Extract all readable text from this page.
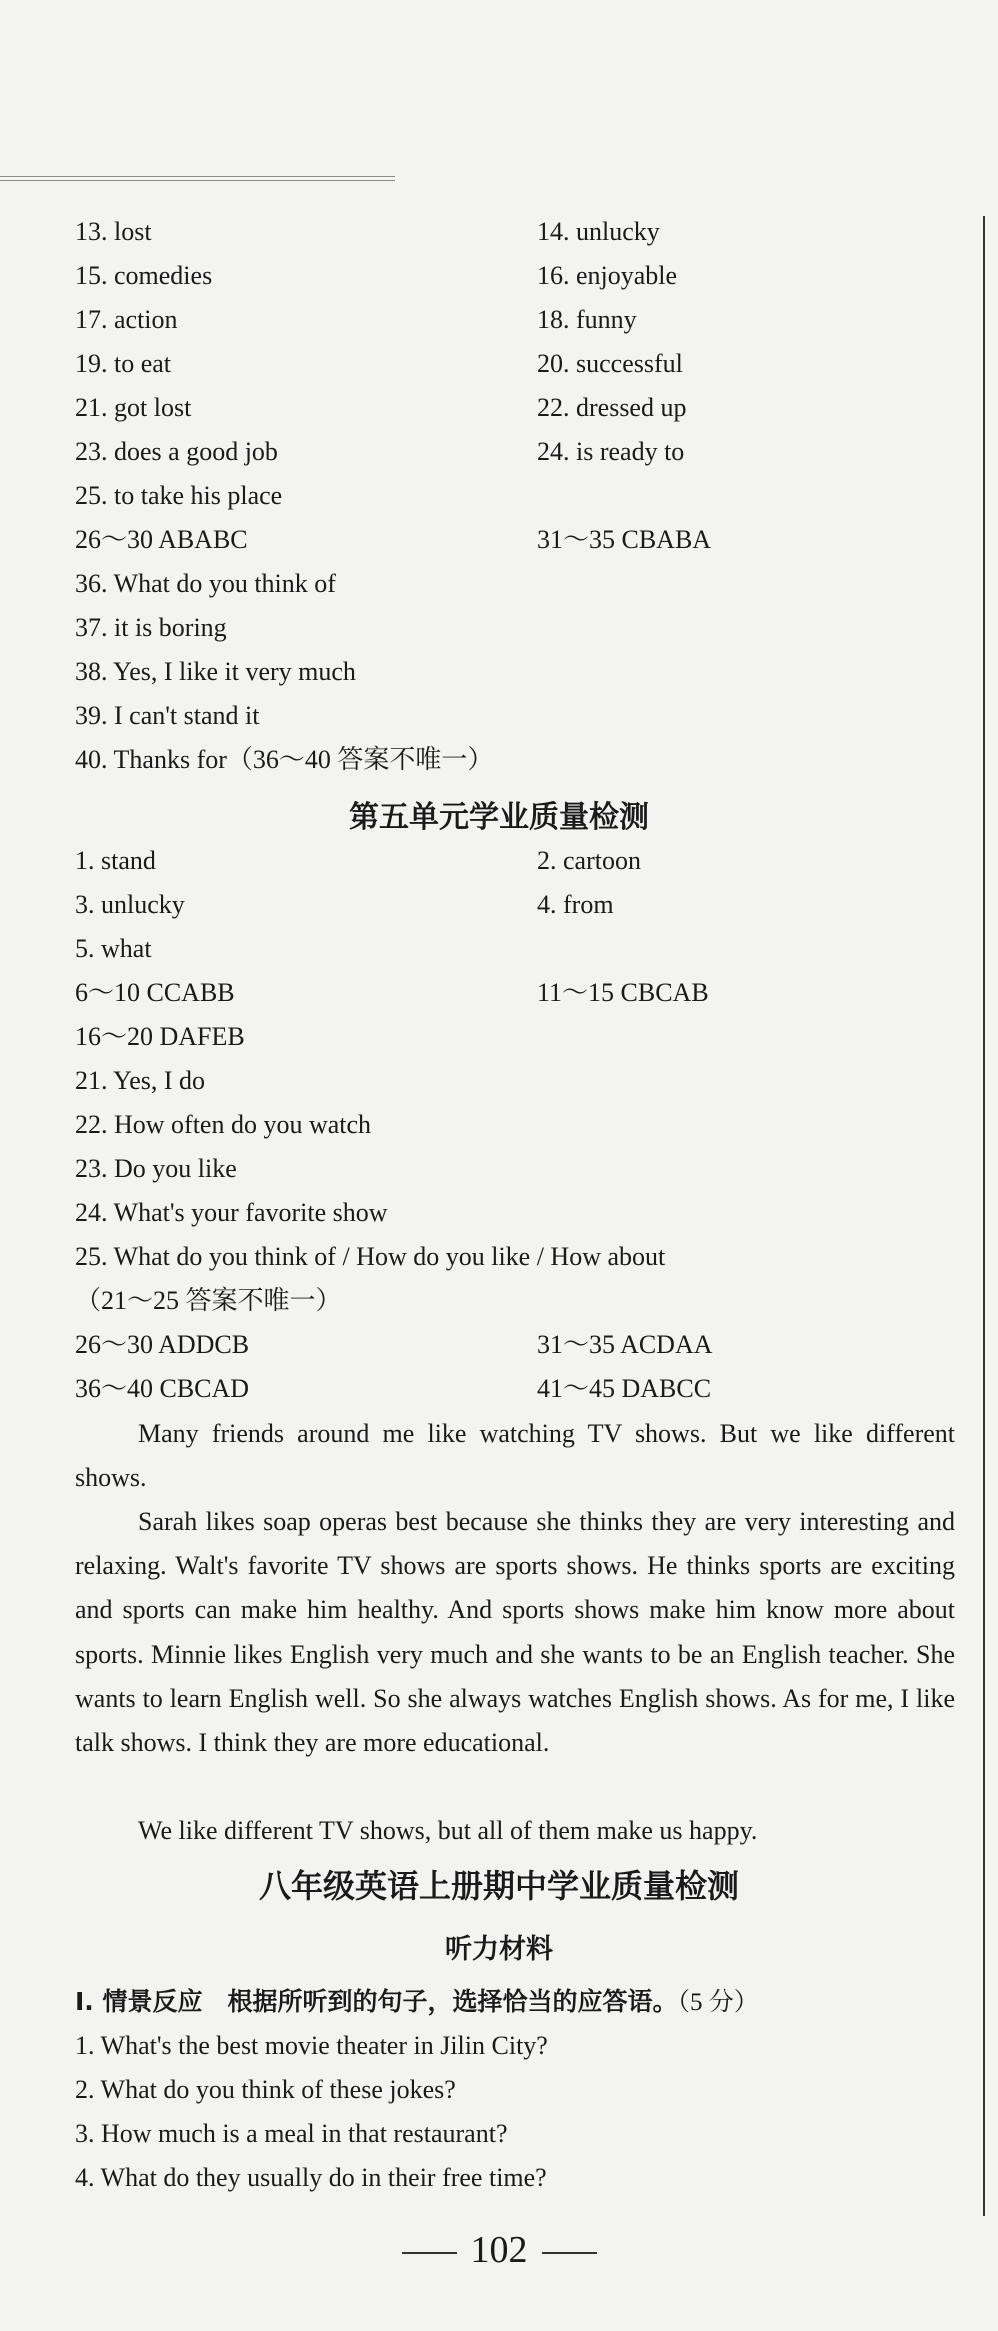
13. lost
15. comedies
17. action
19. to eat
21. got lost
23. does a good job
25. to take his place
26～30 ABABC
36. What do you think of
37. it is boring
38. Yes, I like it very much
39. I can't stand it
40. Thanks for（36～40 答案不唯一）
14. unlucky
16. enjoyable
18. funny
20. successful
22. dressed up
24. is ready to
31～35 CBABA
第五单元学业质量检测
1. stand
3. unlucky
5. what
6～10 CCABB
16～20 DAFEB
21. Yes, I do
22. How often do you watch
23. Do you like
24. What's your favorite show
25. What do you think of / How do you like / How about
（21～25 答案不唯一）
26～30 ADDCB
36～40 CBCAD
2. cartoon
4. from
11～15 CBCAB
31～35 ACDAA
41～45 DABCC
Many friends around me like watching TV shows. But we like different shows.
Sarah likes soap operas best because she thinks they are very interesting and relaxing. Walt's favorite TV shows are sports shows. He thinks sports are exciting and sports can make him healthy. And sports shows make him know more about sports. Minnie likes English very much and she wants to be an English teacher. She wants to learn English well. So she always watches English shows. As for me, I like talk shows. I think they are more educational.
We like different TV shows, but all of them make us happy.
八年级英语上册期中学业质量检测
听力材料
Ⅰ. 情景反应　根据所听到的句子，选择恰当的应答语。（5 分）
1. What's the best movie theater in Jilin City?
2. What do you think of these jokes?
3. How much is a meal in that restaurant?
4. What do they usually do in their free time?
102
